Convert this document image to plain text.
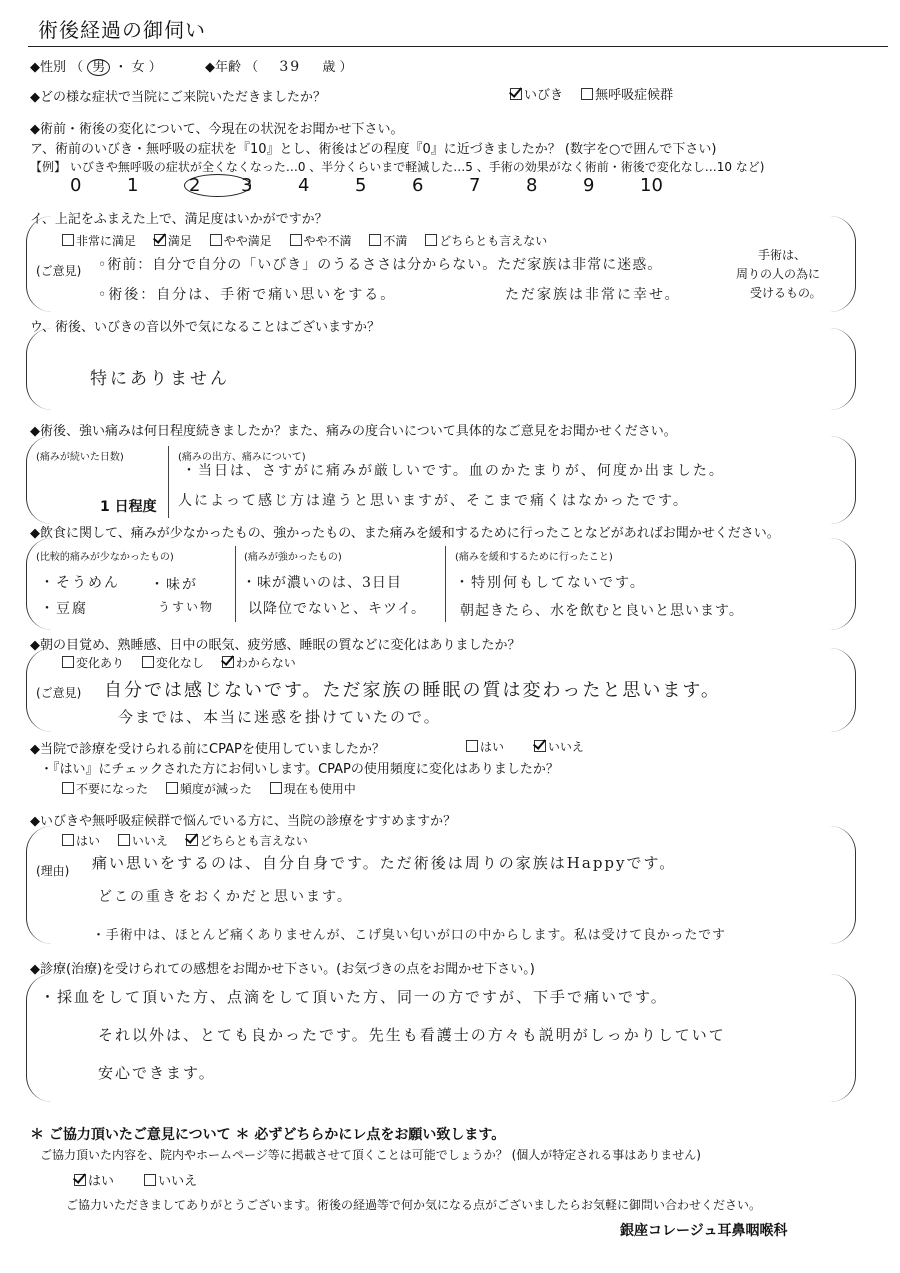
術後経過の御伺い
◆性別 （ 男 ・ 女 ）	◆年齢 （ 39 歳 ）
◆どの様な症状で当院にご来院いただきましたか？	いびき 無呼吸症候群
◆術前・術後の変化について、今現在の状況をお聞かせ下さい。
ア、術前のいびき・無呼吸の症状を『10』とし、術後はどの程度『0』に近づきましたか？ (数字を○で囲んで下さい)
【例】 いびきや無呼吸の症状が全くなくなった…0 、半分くらいまで軽減した…5 、手術の効果がなく術前・術後で変化なし…10 など)
0	1	2 3	4	5	6	7	8	9	10
イ、上記をふまえた上で、満足度はいかがですか？
非常に満足	満足	やや満足	やや不満	不満	どちらとも言えない
(ご意見) ◦術前：自分で自分の「いびき」のうるささは分からない。ただ家族は非常に迷惑。
◦術後：自分は、手術で痛い思いをする。	ただ家族は非常に幸せ。
手術は、
周りの人の為に
受けるもの。
ウ、術後、いびきの音以外で気になることはございますか？
特にありません
◆術後、強い痛みは何日程度続きましたか？また、痛みの度合いについて具体的なご意見をお聞かせください。
(痛みが続いた日数)
1 日程度
(痛みの出方、痛みについて)
・当日は、さすがに痛みが厳しいです。血のかたまりが、何度か出ました。
人によって感じ方は違うと思いますが、そこまで痛くはなかったです。
◆飲食に関して、痛みが少なかったもの、強かったもの、また痛みを緩和するために行ったことなどがあればお聞かせください。
(比較的痛みが少なかったもの)
・そうめん
・豆腐
・味が
うすい物
(痛みが強かったもの)
・味が濃いのは、3日目
以降位でないと、キツイ。
(痛みを緩和するために行ったこと)
・特別何もしてないです。
朝起きたら、水を飲むと良いと思います。
◆朝の目覚め、熟睡感、日中の眠気、疲労感、睡眠の質などに変化はありましたか？
変化あり	変化なし	わからない
(ご意見) 自分では感じないです。ただ家族の睡眠の質は変わったと思います。
今までは、本当に迷惑を掛けていたので。
◆当院で診療を受けられる前にCPAPを使用していましたか？	はい	いいえ
・『はい』にチェックされた方にお伺いします。CPAPの使用頻度に変化はありましたか？
不要になった	頻度が減った	現在も使用中
◆いびきや無呼吸症候群で悩んでいる方に、当院の診療をすすめますか？
はい	いいえ	どちらとも言えない
(理由) 痛い思いをするのは、自分自身です。ただ術後は周りの家族はHappyです。
どこの重きをおくかだと思います。
・手術中は、ほとんど痛くありませんが、こげ臭い匂いが口の中からします。私は受けて良かったです
◆診療(治療)を受けられての感想をお聞かせ下さい。(お気づきの点をお聞かせ下さい。)
・採血をして頂いた方、点滴をして頂いた方、同一の方ですが、下手で痛いです。
それ以外は、とても良かったです。先生も看護士の方々も説明がしっかりしていて
安心できます。
＊ ご協力頂いたご意見について ＊ 必ずどちらかにレ点をお願い致します。
ご協力頂いた内容を、院内やホームページ等に掲載させて頂くことは可能でしょうか？ (個人が特定される事はありません)
はい	いいえ
ご協力いただきましてありがとうございます。術後の経過等で何か気になる点がございましたらお気軽に御問い合わせください。
銀座コレージュ耳鼻咽喉科
